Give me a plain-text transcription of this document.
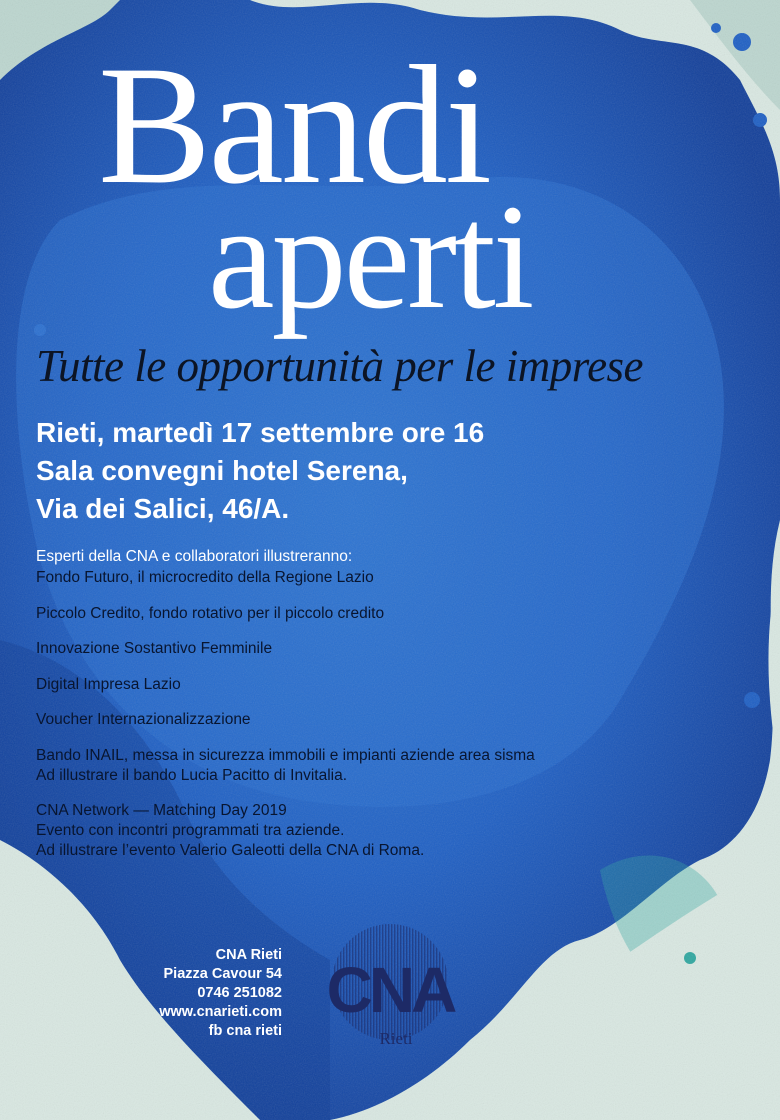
Bandi
aperti
Tutte le opportunità per le imprese
Rieti, martedì 17 settembre ore 16
Sala convegni hotel Serena,
Via dei Salici, 46/A.

Esperti della CNA e collaboratori illustreranno:

Fondo Futuro, il microcredito della Regione Lazio
Piccolo Credito, fondo rotativo per il piccolo credito
Innovazione Sostantivo Femminile
Digital Impresa Lazio
Voucher Internazionalizzazione
Bando INAIL, messa in sicurezza immobili e impianti aziende area sisma
Ad illustrare il bando Lucia Pacitto di Invitalia.
CNA Network — Matching Day 2019
Evento con incontri programmati tra aziende.
Ad illustrare l’evento Valerio Galeotti della CNA di Roma.
CNA Rieti
Piazza Cavour 54
0746 251082
www.cnarieti.com
fb cna rieti
CNA
Rieti
